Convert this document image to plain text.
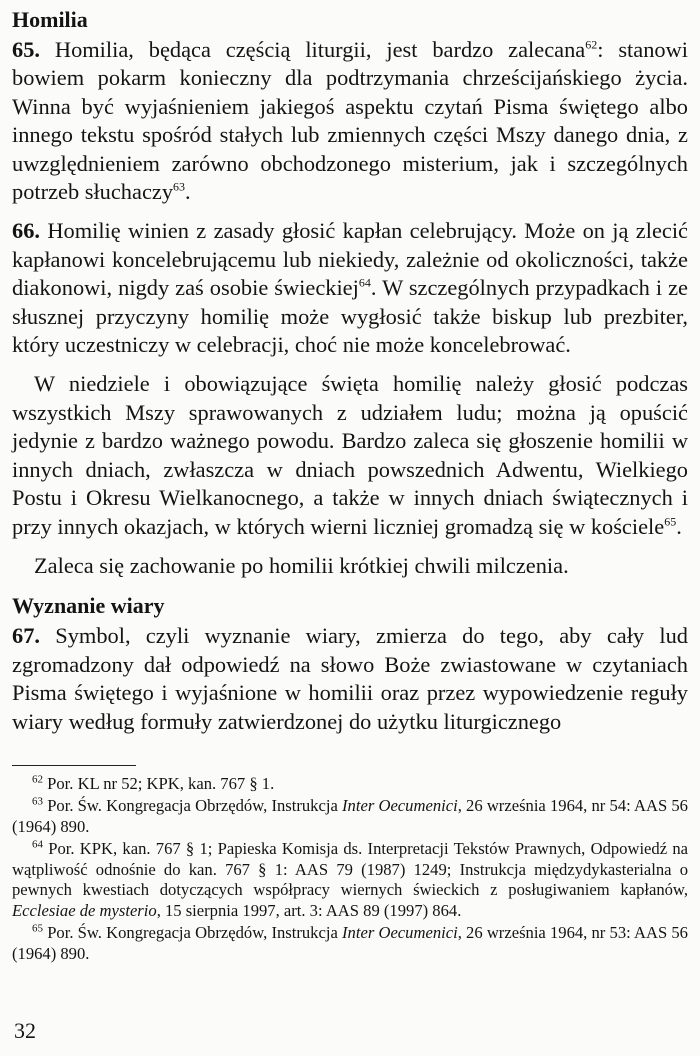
Homilia

65. Homilia, będąca częścią liturgii, jest bardzo zalecana$^{62}$: stanowi bowiem pokarm konieczny dla podtrzymania chrześcijańskiego życia. Winna być wyjaśnieniem jakiegoś aspektu czytań Pisma świętego albo innego tekstu spośród stałych lub zmiennych części Mszy danego dnia, z uwzględnieniem zarówno obchodzonego misterium, jak i szczególnych potrzeb słuchaczy$^{63}$.

66. Homilię winien z zasady głosić kapłan celebrujący. Może on ją zlecić kapłanowi koncelebrującemu lub niekiedy, zależnie od okoliczności, także diakonowi, nigdy zaś osobie świeckiej$^{64}$. W szczególnych przypadkach i ze słusznej przyczyny homilię może wygłosić także biskup lub prezbiter, który uczestniczy w celebracji, choć nie może koncelebrować.

W niedziele i obowiązujące święta homilię należy głosić podczas wszystkich Mszy sprawowanych z udziałem ludu; można ją opuścić jedynie z bardzo ważnego powodu. Bardzo zaleca się głoszenie homilii w innych dniach, zwłaszcza w dniach powszednich Adwentu, Wielkiego Postu i Okresu Wielkanocnego, a także w innych dniach świątecznych i przy innych okazjach, w których wierni liczniej gromadzą się w kościele$^{65}$.

Zaleca się zachowanie po homilii krótkiej chwili milczenia.

Wyznanie wiary

67. Symbol, czyli wyznanie wiary, zmierza do tego, aby cały lud zgromadzony dał odpowiedź na słowo Boże zwiastowane w czytaniach Pisma świętego i wyjaśnione w homilii oraz przez wypowiedzenie reguły wiary według formuły zatwierdzonej do użytku liturgicznego

$^{62}$ Por. KL nr 52; KPK, kan. 767 § 1.

$^{63}$ Por. Św. Kongregacja Obrzędów, Instrukcja Inter Oecumenici, 26 września 1964, nr 54: AAS 56 (1964) 890.

$^{64}$ Por. KPK, kan. 767 § 1; Papieska Komisja ds. Interpretacji Tekstów Prawnych, Odpowiedź na wątpliwość odnośnie do kan. 767 § 1: AAS 79 (1987) 1249; Instrukcja międzydykasterialna o pewnych kwestiach dotyczących współpracy wiernych świeckich z posługiwaniem kapłanów, Ecclesiae de mysterio, 15 sierpnia 1997, art. 3: AAS 89 (1997) 864.

$^{65}$ Por. Św. Kongregacja Obrzędów, Instrukcja Inter Oecumenici, 26 września 1964, nr 53: AAS 56 (1964) 890.

32
